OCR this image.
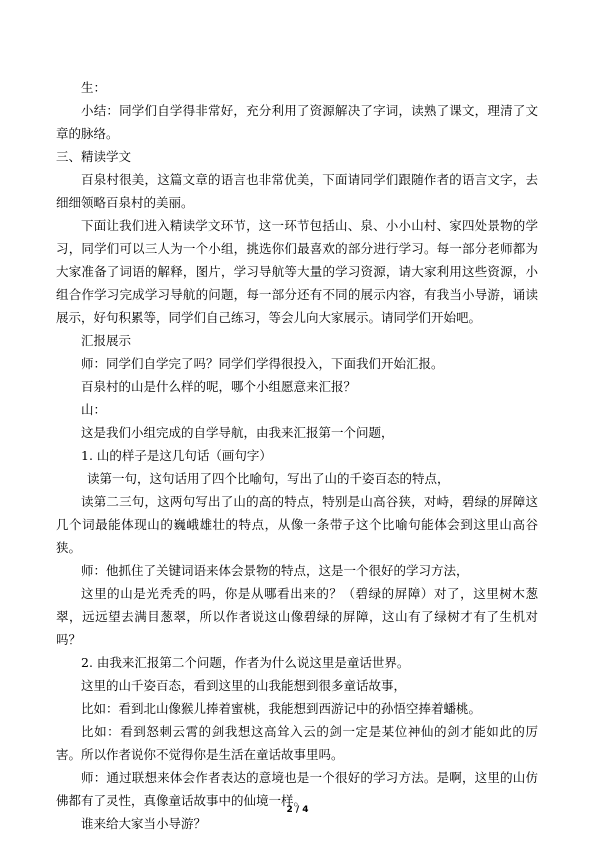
生：

小结：同学们自学得非常好，充分利用了资源解决了字词，读熟了课文，理清了文章的脉络。

三、精读学文

百泉村很美，这篇文章的语言也非常优美，下面请同学们跟随作者的语言文字，去细细领略百泉村的美丽。

下面让我们进入精读学文环节，这一环节包括山、泉、小小山村、家四处景物的学习，同学们可以三人为一个小组，挑选你们最喜欢的部分进行学习。每一部分老师都为大家准备了词语的解释，图片，学习导航等大量的学习资源，请大家利用这些资源，小组合作学习完成学习导航的问题，每一部分还有不同的展示内容，有我当小导游，诵读展示，好句积累等，同学们自己练习，等会儿向大家展示。请同学们开始吧。

汇报展示

师：同学们自学完了吗？同学们学得很投入，下面我们开始汇报。

百泉村的山是什么样的呢，哪个小组愿意来汇报？

山：

这是我们小组完成的自学导航，由我来汇报第一个问题，

1. 山的样子是这几句话（画句字）

读第一句，这句话用了四个比喻句，写出了山的千姿百态的特点，

读第二三句，这两句写出了山的高的特点，特别是山高谷狭，对峙，碧绿的屏障这几个词最能体现山的巍峨雄壮的特点，从像一条带子这个比喻句能体会到这里山高谷狭。

师：他抓住了关键词语来体会景物的特点，这是一个很好的学习方法，

这里的山是光秃秃的吗，你是从哪看出来的？（碧绿的屏障）对了，这里树木葱翠，远远望去满目葱翠，所以作者说这山像碧绿的屏障，这山有了绿树才有了生机对吗？

2. 由我来汇报第二个问题，作者为什么说这里是童话世界。

这里的山千姿百态，看到这里的山我能想到很多童话故事，

比如：看到北山像猴儿捧着蜜桃，我能想到西游记中的孙悟空捧着蟠桃。

比如：看到怒刺云霄的剑我想这高耸入云的剑一定是某位神仙的剑才能如此的厉害。所以作者说你不觉得你是生活在童话故事里吗。

师：通过联想来体会作者表达的意境也是一个很好的学习方法。是啊，这里的山仿佛都有了灵性，真像童话故事中的仙境一样。

谁来给大家当小导游？

2 / 4
